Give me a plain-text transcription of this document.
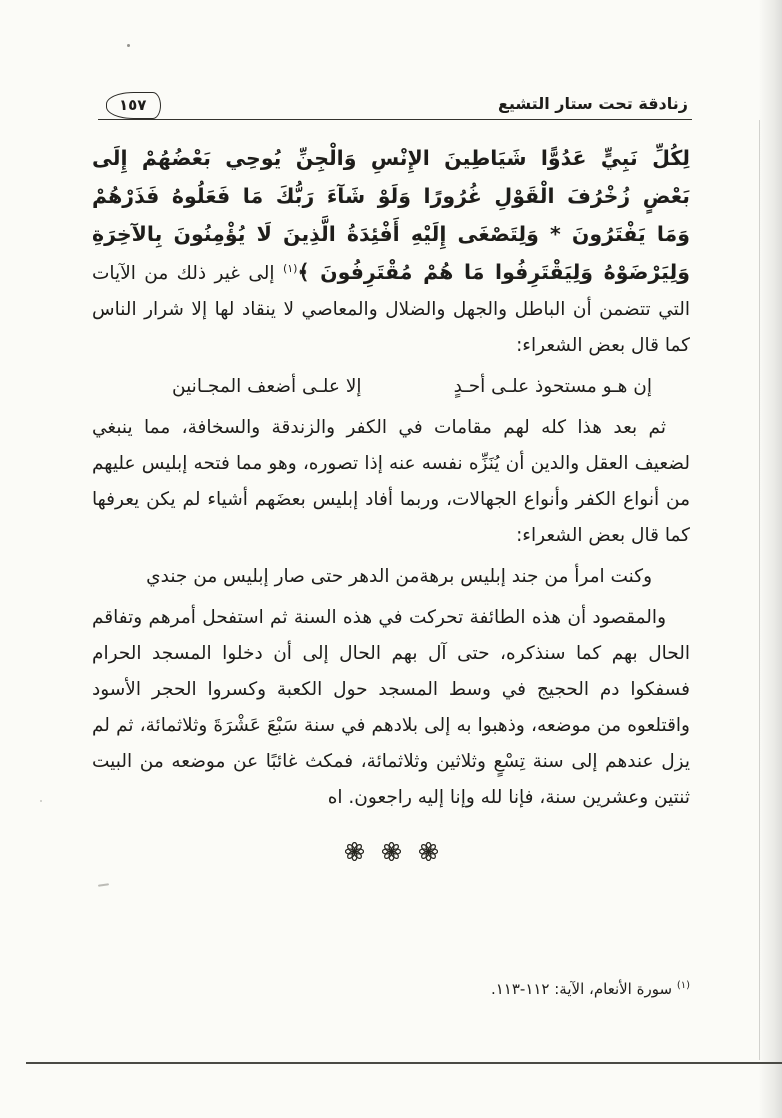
زنادقة تحت ستار التشيع
١٥٧

لِكُلِّ نَبِيٍّ عَدُوًّا شَيَاطِينَ الإِنْسِ وَالْجِنِّ يُوحِي بَعْضُهُمْ إِلَى بَعْضٍ زُخْرُفَ الْقَوْلِ غُرُورًا وَلَوْ شَآءَ رَبُّكَ مَا فَعَلُوهُ فَذَرْهُمْ وَمَا يَفْتَرُونَ * وَلِتَصْغَى إِلَيْهِ أَفْئِدَةُ الَّذِينَ لَا يُؤْمِنُونَ بِالآخِرَةِ وَلِيَرْضَوْهُ وَلِيَقْتَرِفُوا مَا هُمْ مُقْتَرِفُونَ ﴾$^{(١)}$ إلى غير ذلك من الآيات التي تتضمن أن الباطل والجهل والضلال والمعاصي لا ينقاد لها إلا شرار الناس كما قال بعض الشعراء:

إن هـو مستحوذ علـى أحـدٍ
إلا علـى أضعف المجـانين

ثم بعد هذا كله لهم مقامات في الكفر والزندقة والسخافة، مما ينبغي لضعيف العقل والدين أن يُنَزِّه نفسه عنه إذا تصوره، وهو مما فتحه إبليس عليهم من أنواع الكفر وأنواع الجهالات، وربما أفاد إبليس بعضَهم أشياء لم يكن يعرفها كما قال بعض الشعراء:

وكنت امرأ من جند إبليس برهة
من الدهر حتى صار إبليس من جندي

والمقصود أن هذه الطائفة تحركت في هذه السنة ثم استفحل أمرهم وتفاقم الحال بهم كما سنذكره، حتى آل بهم الحال إلى أن دخلوا المسجد الحرام فسفكوا دم الحجيج في وسط المسجد حول الكعبة وكسروا الحجر الأسود واقتلعوه من موضعه، وذهبوا به إلى بلادهم في سنة سَبْعَ عَشْرَةَ وثلاثمائة، ثم لم يزل عندهم إلى سنة تِسْعٍ وثلاثين وثلاثمائة، فمكث غائبًا عن موضعه من البيت ثنتين وعشرين سنة، فإنا لله وإنا إليه راجعون. اه

$^{(١)}$ سورة الأنعام، الآية: ١١٢-١١٣.
